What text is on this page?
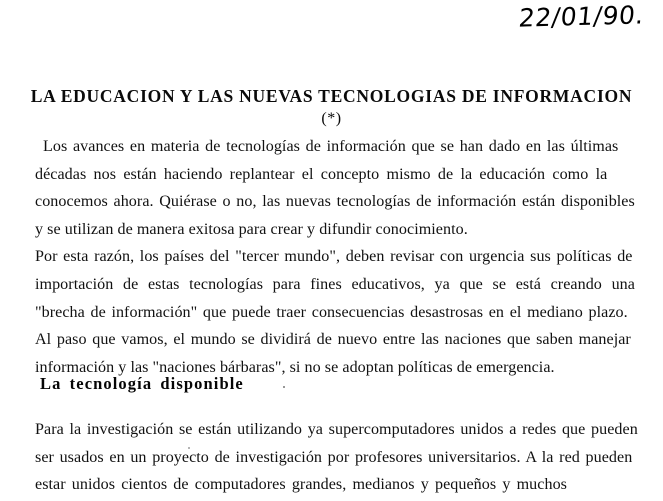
22/01/90.
LA EDUCACION Y LAS NUEVAS TECNOLOGIAS DE INFORMACION
(*)
Los avances en materia de tecnologías de información que se han dado en las últimas
décadas nos están haciendo replantear el concepto mismo de la educación como la
conocemos ahora. Quiérase o no, las nuevas tecnologías de información están disponibles
y se utilizan de manera exitosa para crear y difundir conocimiento.
Por esta razón, los países del "tercer mundo", deben revisar con urgencia sus políticas de
importación de estas tecnologías para fines educativos, ya que se está creando una
"brecha de información" que puede traer consecuencias desastrosas en el mediano plazo.
Al paso que vamos, el mundo se dividirá de nuevo entre las naciones que saben manejar
información y las "naciones bárbaras", si no se adoptan políticas de emergencia.
La tecnología disponible
Para la investigación se están utilizando ya supercomputadores unidos a redes que pueden
ser usados en un proyecto de investigación por profesores universitarios. A la red pueden
estar unidos cientos de computadores grandes, medianos y pequeños y muchos
